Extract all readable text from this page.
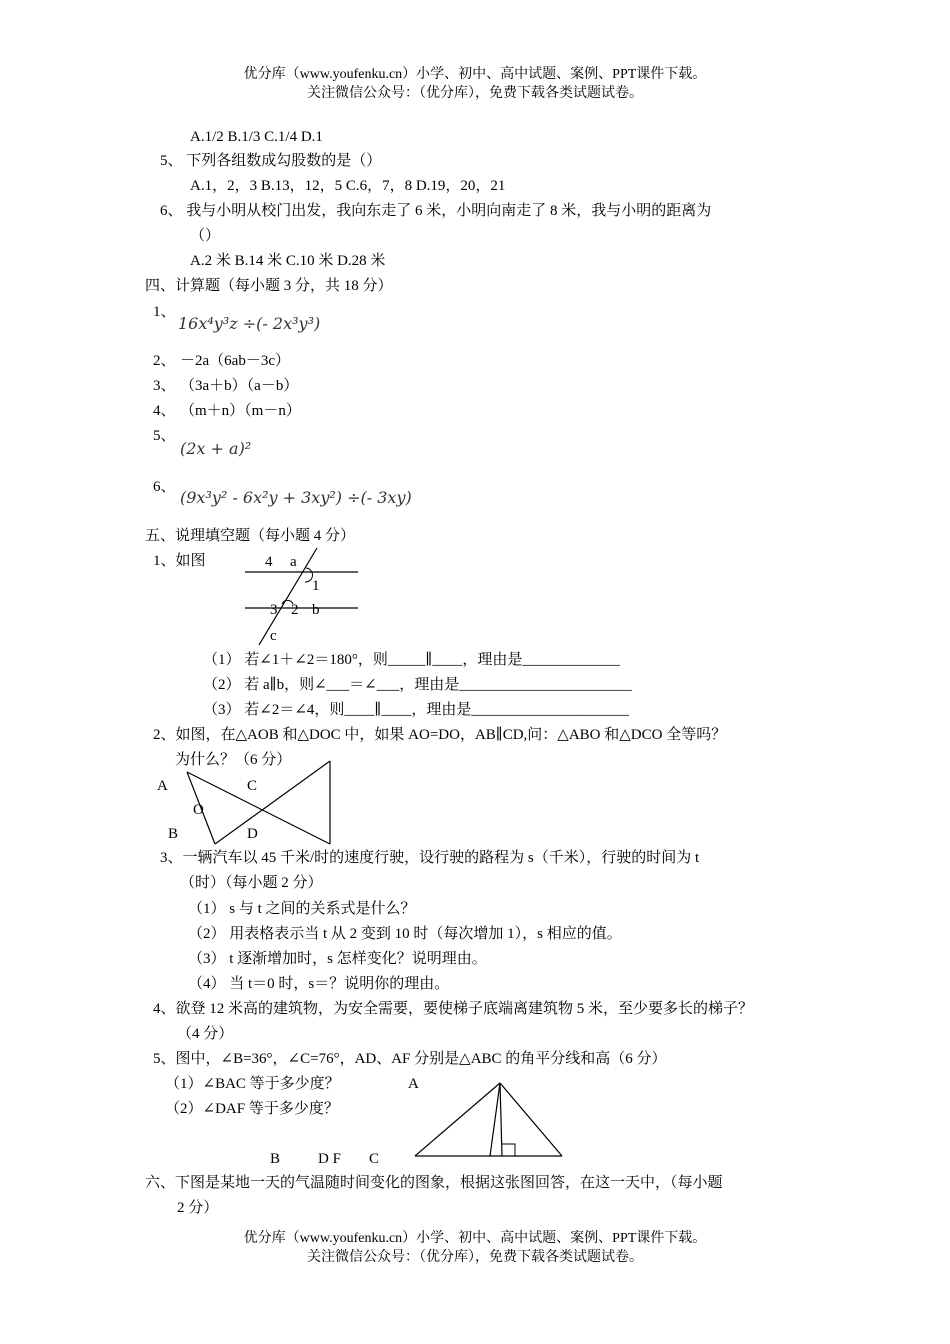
优分库（www.youfenku.cn）小学、初中、高中试题、案例、PPT课件下载。
关注微信公众号：（优分库），免费下载各类试题试卷。
A.1/2 B.1/3 C.1/4 D.1
5、 下列各组数成勾股数的是（）
A.1，2，3 B.13，12，5 C.6，7，8 D.19，20，21
6、 我与小明从校门出发，我向东走了 6 米，小明向南走了 8 米，我与小明的距离为
（）
A.2 米 B.14 米 C.10 米 D.28 米
四、计算题（每小题 3 分，共 18 分）
1、
16x⁴y³z ÷(- 2x³y³)
2、 －2a（6ab－3c）
3、 （3a＋b）（a－b）
4、 （m＋n）（m－n）
5、
(2x + a)²
6、
(9x³y² - 6x²y + 3xy²) ÷(- 3xy)
五、说理填空题（每小题 4 分）
1、如图	4 a
1
3 2 b
c
（1） 若∠1＋∠2＝180°，则_____∥____，理由是_____________
（2） 若 a∥b，则∠___＝∠___，理由是_______________________
（3） 若∠2＝∠4，则____∥____，理由是_____________________
2、如图，在△AOB 和△DOC 中，如果 AO=DO，AB∥CD,问：△ABO 和△DCO 全等吗？
为什么？（6 分）
A	C
O
B	D
3、一辆汽车以 45 千米/时的速度行驶，设行驶的路程为 s（千米），行驶的时间为 t
（时）（每小题 2 分）
（1） s 与 t 之间的关系式是什么？
（2） 用表格表示当 t 从 2 变到 10 时（每次增加 1），s 相应的值。
（3） t 逐渐增加时，s 怎样变化？说明理由。
（4） 当 t＝0 时，s＝？说明你的理由。
4、欲登 12 米高的建筑物，为安全需要，要使梯子底端离建筑物 5 米，至少要多长的梯子？
（4 分）
5、图中，∠B=36°，∠C=76°，AD、AF 分别是△ABC 的角平分线和高（6 分）
（1）∠BAC 等于多少度？
（2）∠DAF 等于多少度？
A
B	D F C
六、下图是某地一天的气温随时间变化的图象，根据这张图回答，在这一天中，（每小题
2 分）
优分库（www.youfenku.cn）小学、初中、高中试题、案例、PPT课件下载。
关注微信公众号：（优分库），免费下载各类试题试卷。
